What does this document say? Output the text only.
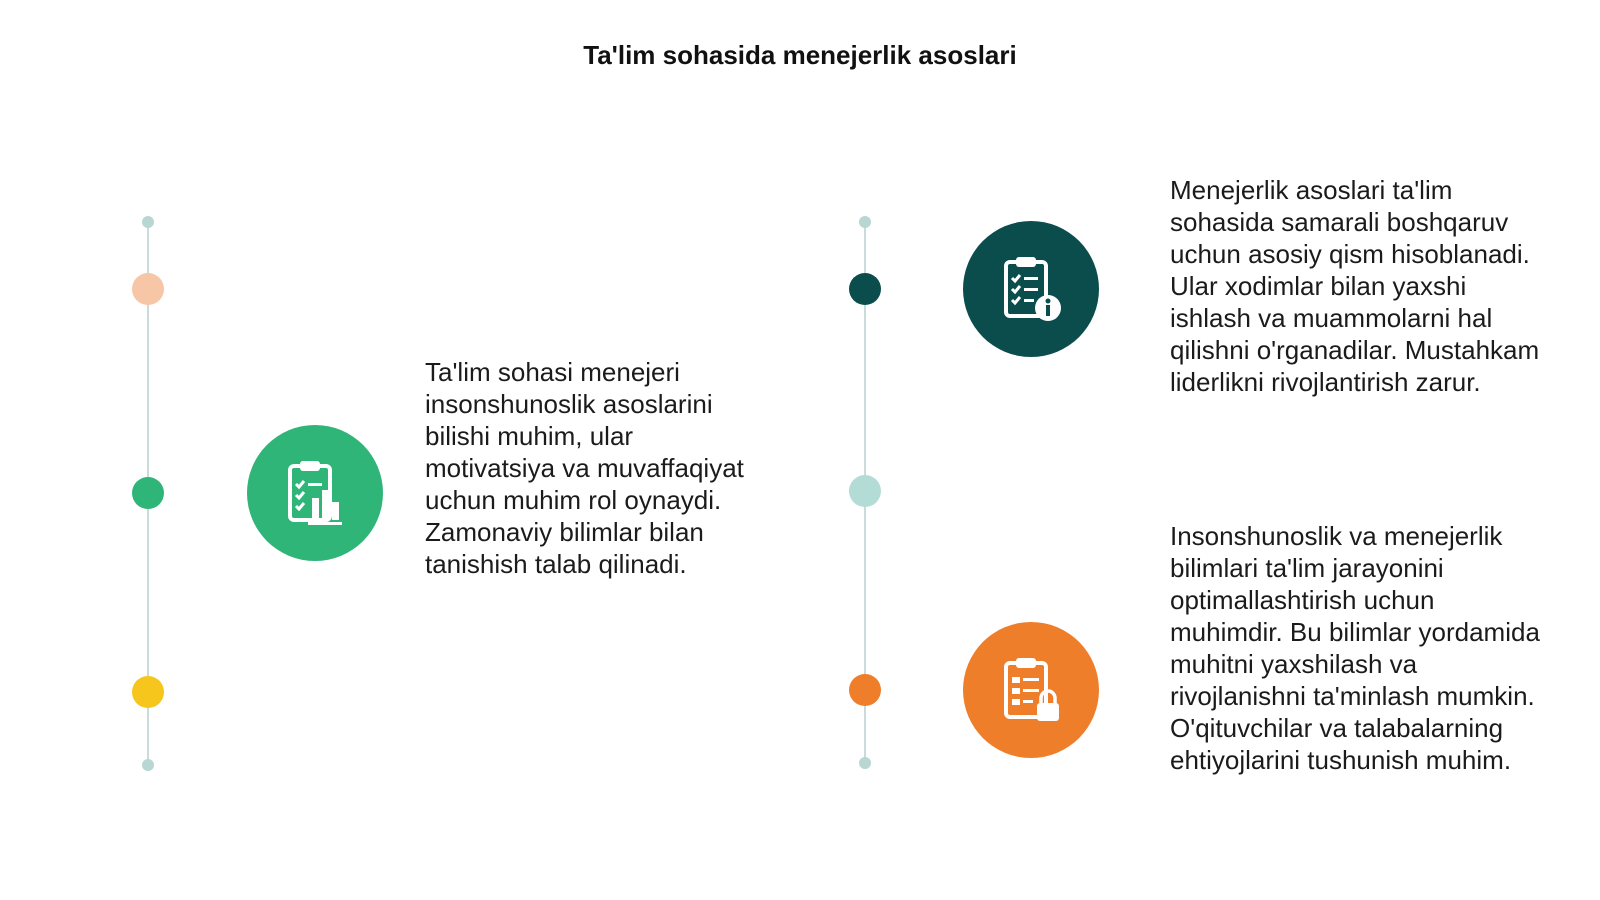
Ta'lim sohasida menejerlik asoslari

Ta'lim sohasi menejeri insonshunoslik asoslarini bilishi muhim, ular motivatsiya va muvaffaqiyat uchun muhim rol oynaydi. Zamonaviy bilimlar bilan tanishish talab qilinadi.

Menejerlik asoslari ta'lim sohasida samarali boshqaruv uchun asosiy qism hisoblanadi. Ular xodimlar bilan yaxshi ishlash va muammolarni hal qilishni o'rganadilar. Mustahkam liderlikni rivojlantirish zarur.

Insonshunoslik va menejerlik bilimlari ta'lim jarayonini optimallashtirish uchun muhimdir. Bu bilimlar yordamida muhitni yaxshilash va rivojlanishni ta'minlash mumkin. O'qituvchilar va talabalarning ehtiyojlarini tushunish muhim.
